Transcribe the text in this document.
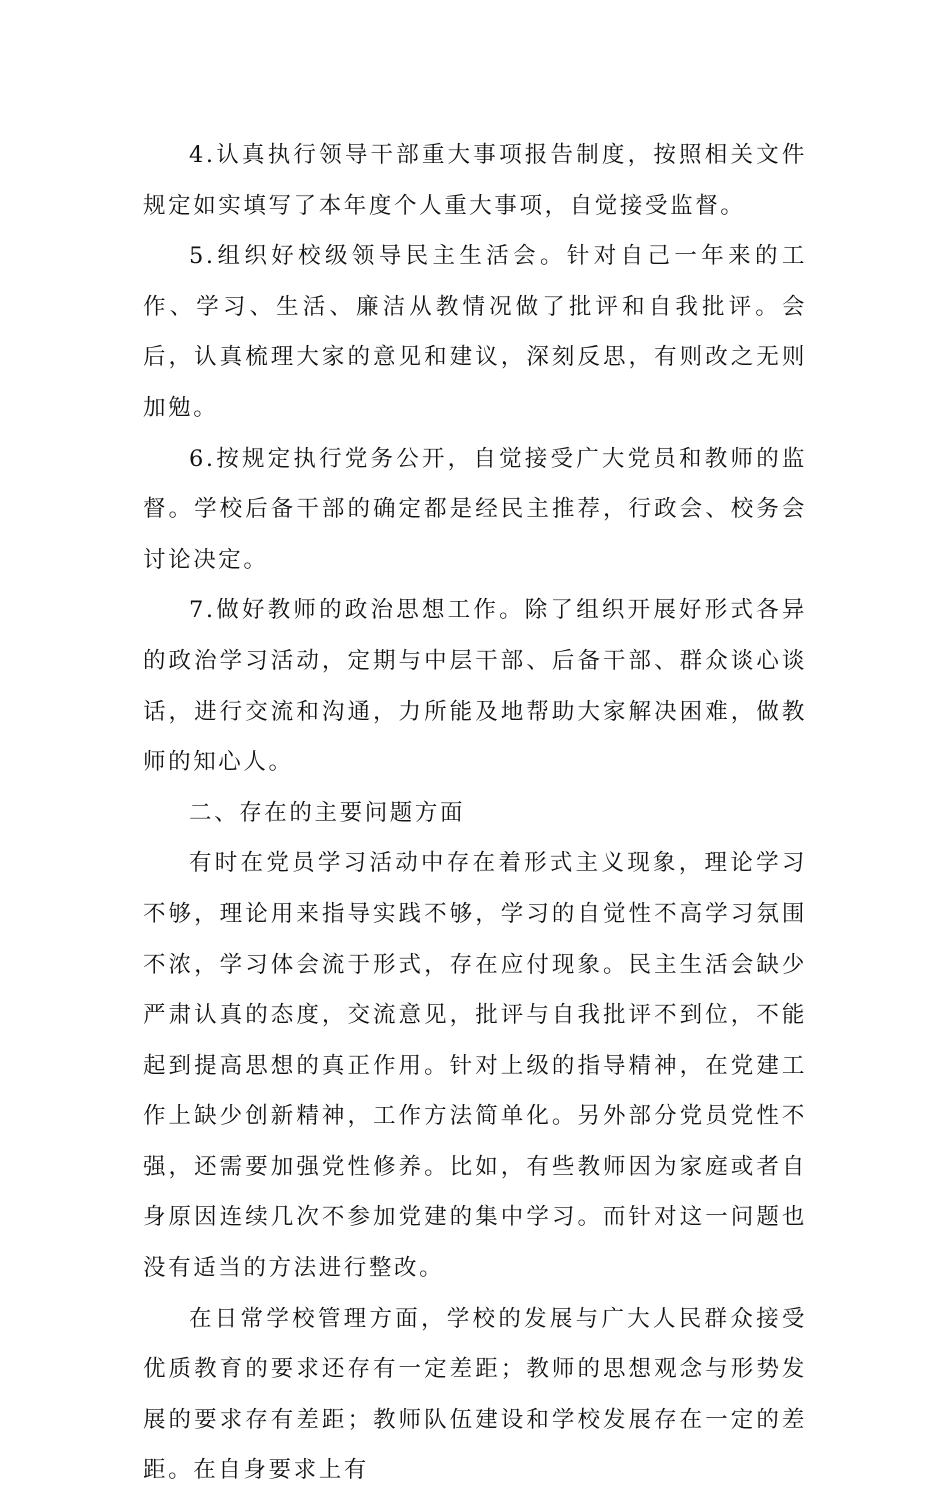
4.认真执行领导干部重大事项报告制度，按照相关文件规定如实填写了本年度个人重大事项，自觉接受监督。

5.组织好校级领导民主生活会。针对自己一年来的工作、学习、生活、廉洁从教情况做了批评和自我批评。会后，认真梳理大家的意见和建议，深刻反思，有则改之无则加勉。

6.按规定执行党务公开，自觉接受广大党员和教师的监督。学校后备干部的确定都是经民主推荐，行政会、校务会讨论决定。

7.做好教师的政治思想工作。除了组织开展好形式各异的政治学习活动，定期与中层干部、后备干部、群众谈心谈话，进行交流和沟通，力所能及地帮助大家解决困难，做教师的知心人。

二、存在的主要问题方面

有时在党员学习活动中存在着形式主义现象，理论学习不够，理论用来指导实践不够，学习的自觉性不高学习氛围不浓，学习体会流于形式，存在应付现象。民主生活会缺少严肃认真的态度，交流意见，批评与自我批评不到位，不能起到提高思想的真正作用。针对上级的指导精神，在党建工作上缺少创新精神，工作方法简单化。另外部分党员党性不强，还需要加强党性修养。比如，有些教师因为家庭或者自身原因连续几次不参加党建的集中学习。而针对这一问题也没有适当的方法进行整改。

在日常学校管理方面，学校的发展与广大人民群众接受优质教育的要求还存有一定差距；教师的思想观念与形势发展的要求存有差距；教师队伍建设和学校发展存在一定的差距。在自身要求上有
